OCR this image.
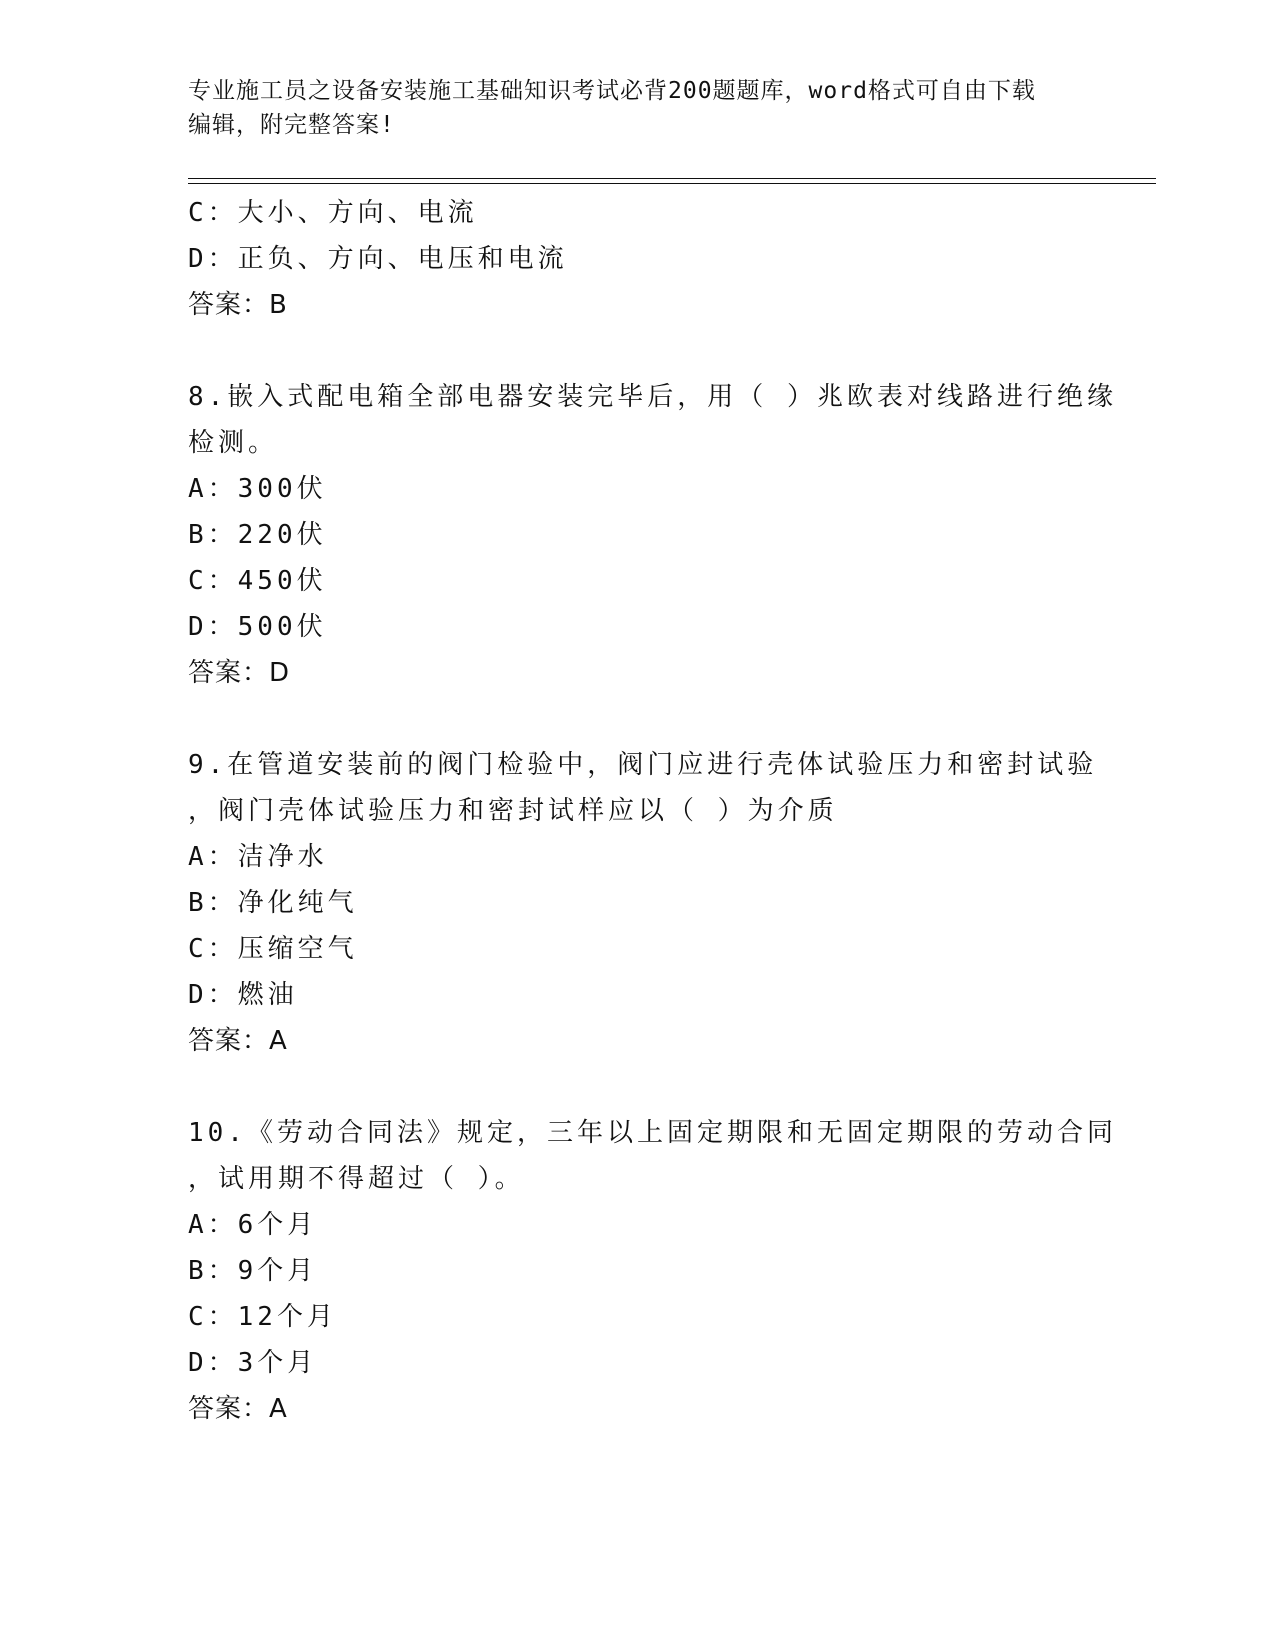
专业施工员之设备安装施工基础知识考试必背200题题库，word格式可自由下载
编辑，附完整答案!
C：大小、方向、电流
D：正负、方向、电压和电流
答案：B
8.嵌入式配电箱全部电器安装完毕后，用（ ）兆欧表对线路进行绝缘
检测。
A：300伏
B：220伏
C：450伏
D：500伏
答案：D
9.在管道安装前的阀门检验中，阀门应进行壳体试验压力和密封试验
，阀门壳体试验压力和密封试样应以（ ）为介质
A：洁净水
B：净化纯气
C：压缩空气
D：燃油
答案：A
10.《劳动合同法》规定，三年以上固定期限和无固定期限的劳动合同
，试用期不得超过（ ）。
A：6个月
B：9个月
C：12个月
D：3个月
答案：A
